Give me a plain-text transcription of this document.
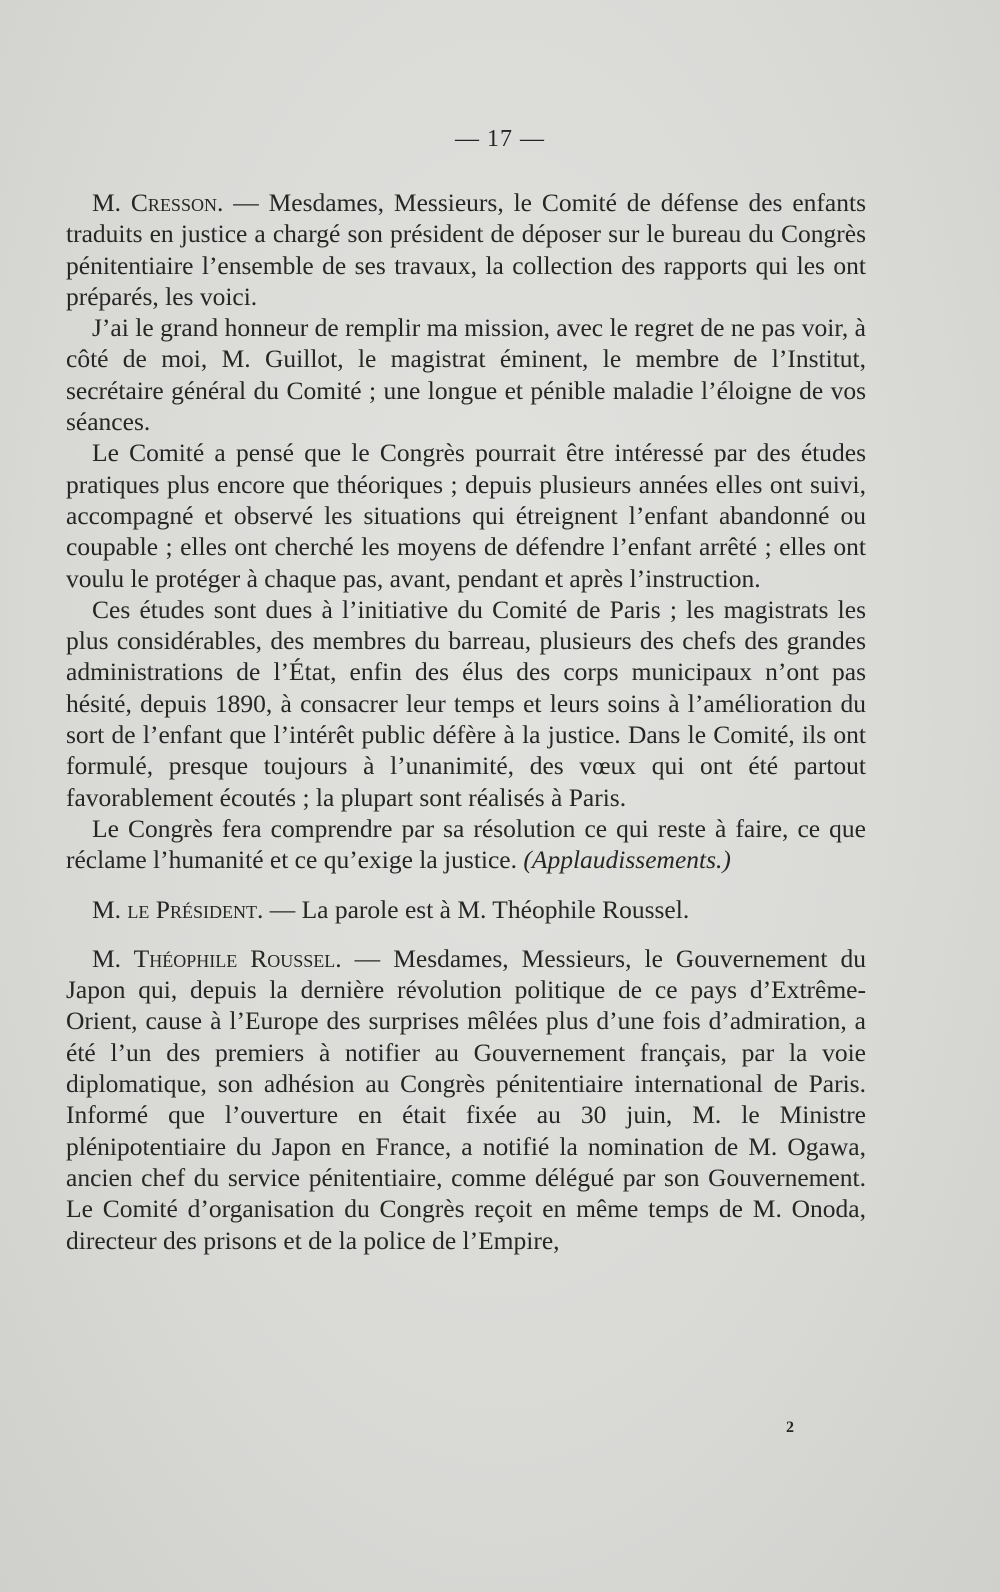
— 17 —

M. Cresson. — Mesdames, Messieurs, le Comité de défense des enfants traduits en justice a chargé son président de déposer sur le bureau du Congrès pénitentiaire l’ensemble de ses travaux, la collection des rapports qui les ont préparés, les voici.

J’ai le grand honneur de remplir ma mission, avec le regret de ne pas voir, à côté de moi, M. Guillot, le magistrat éminent, le membre de l’Institut, secrétaire général du Comité ; une longue et pénible maladie l’éloigne de vos séances.

Le Comité a pensé que le Congrès pourrait être intéressé par des études pratiques plus encore que théoriques ; depuis plusieurs années elles ont suivi, accompagné et observé les situations qui étreignent l’enfant abandonné ou coupable ; elles ont cherché les moyens de défendre l’enfant arrêté ; elles ont voulu le protéger à chaque pas, avant, pendant et après l’instruction.

Ces études sont dues à l’initiative du Comité de Paris ; les magistrats les plus considérables, des membres du barreau, plusieurs des chefs des grandes administrations de l’État, enfin des élus des corps municipaux n’ont pas hésité, depuis 1890, à consacrer leur temps et leurs soins à l’amélioration du sort de l’enfant que l’intérêt public défère à la justice. Dans le Comité, ils ont formulé, presque toujours à l’unanimité, des vœux qui ont été partout favorablement écoutés ; la plupart sont réalisés à Paris.

Le Congrès fera comprendre par sa résolution ce qui reste à faire, ce que réclame l’humanité et ce qu’exige la justice. (Applaudissements.)

M. le Président. — La parole est à M. Théophile Roussel.

M. Théophile Roussel. — Mesdames, Messieurs, le Gouvernement du Japon qui, depuis la dernière révolution politique de ce pays d’Extrême-Orient, cause à l’Europe des surprises mêlées plus d’une fois d’admiration, a été l’un des premiers à notifier au Gouvernement français, par la voie diplomatique, son adhésion au Congrès pénitentiaire international de Paris. Informé que l’ouverture en était fixée au 30 juin, M. le Ministre plénipotentiaire du Japon en France, a notifié la nomination de M. Ogawa, ancien chef du service pénitentiaire, comme délégué par son Gouvernement. Le Comité d’organisation du Congrès reçoit en même temps de M. Onoda, directeur des prisons et de la police de l’Empire,

2
